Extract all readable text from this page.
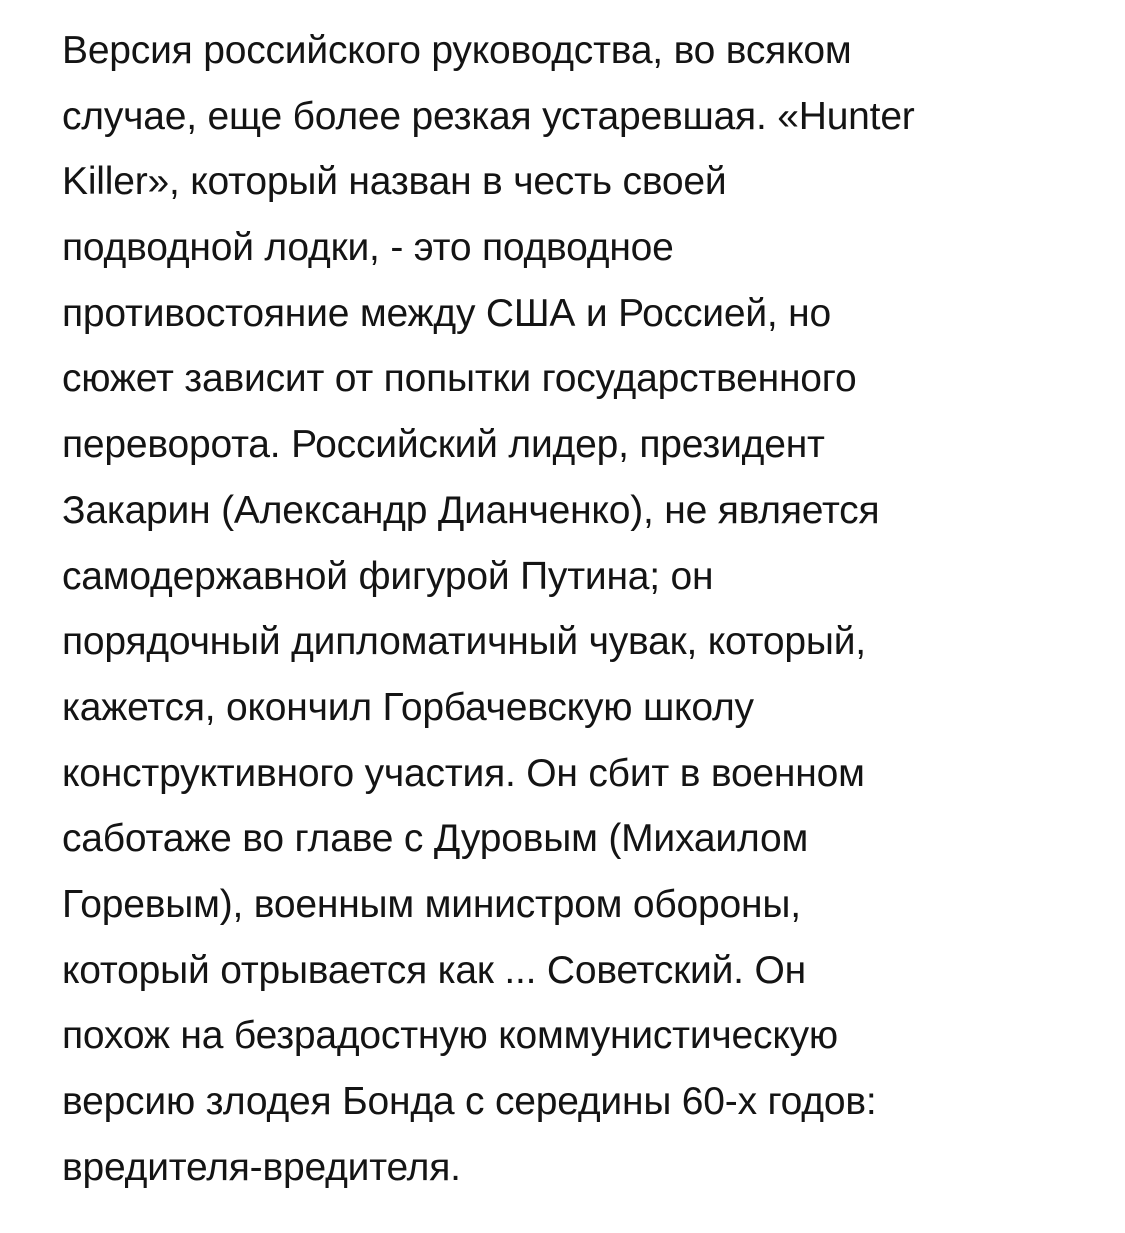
Версия российского руководства, во всяком
случае, еще более резкая устаревшая. «Hunter
Killer», который назван в честь своей
подводной лодки, - это подводное
противостояние между США и Россией, но
сюжет зависит от попытки государственного
переворота. Российский лидер, президент
Закарин (Александр Дианченко), не является
самодержавной фигурой Путина; он
порядочный дипломатичный чувак, который,
кажется, окончил Горбачевскую школу
конструктивного участия. Он сбит в военном
саботаже во главе с Дуровым (Михаилом
Горевым), военным министром обороны,
который отрывается как ... Советский. Он
похож на безрадостную коммунистическую
версию злодея Бонда с середины 60-х годов:
вредителя-вредителя.
